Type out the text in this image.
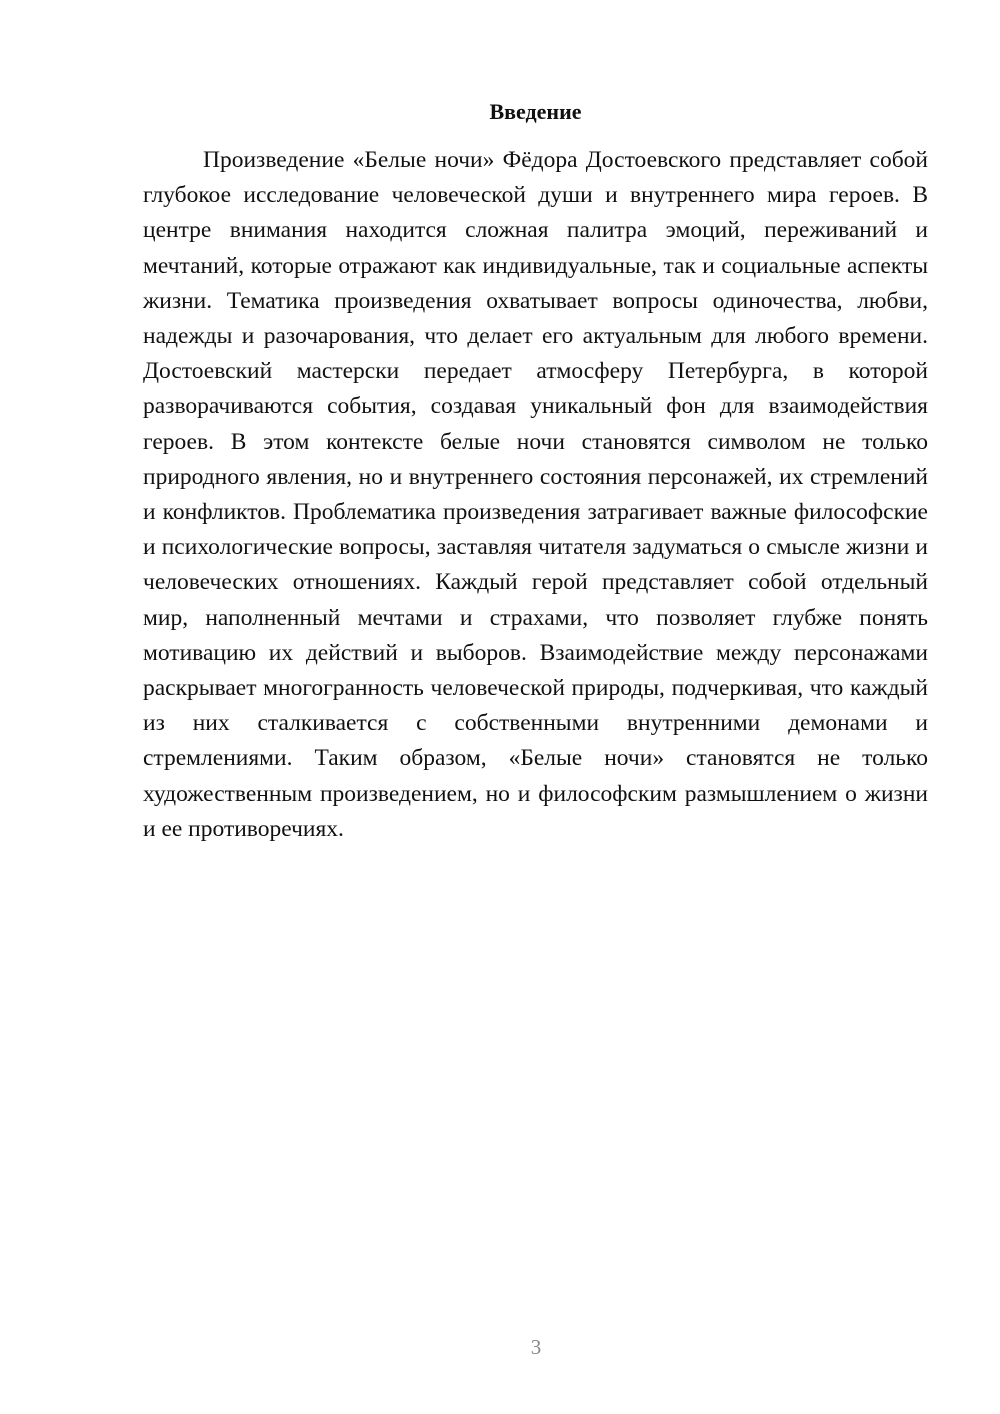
Введение

Произведение «Белые ночи» Фёдора Достоевского представляет собой глубокое исследование человеческой души и внутреннего мира героев. В центре внимания находится сложная палитра эмоций, переживаний и мечтаний, которые отражают как индивидуальные, так и социальные аспекты жизни. Тематика произведения охватывает вопросы одиночества, любви, надежды и разочарования, что делает его актуальным для любого времени. Достоевский мастерски передает атмосферу Петербурга, в которой разворачиваются события, создавая уникальный фон для взаимодействия героев. В этом контексте белые ночи становятся символом не только природного явления, но и внутреннего состояния персонажей, их стремлений и конфликтов. Проблематика произведения затрагивает важные философские и психологические вопросы, заставляя читателя задуматься о смысле жизни и человеческих отношениях. Каждый герой представляет собой отдельный мир, наполненный мечтами и страхами, что позволяет глубже понять мотивацию их действий и выборов. Взаимодействие между персонажами раскрывает многогранность человеческой природы, подчеркивая, что каждый из них сталкивается с собственными внутренними демонами и стремлениями. Таким образом, «Белые ночи» становятся не только художественным произведением, но и философским размышлением о жизни и ее противоречиях.

3
